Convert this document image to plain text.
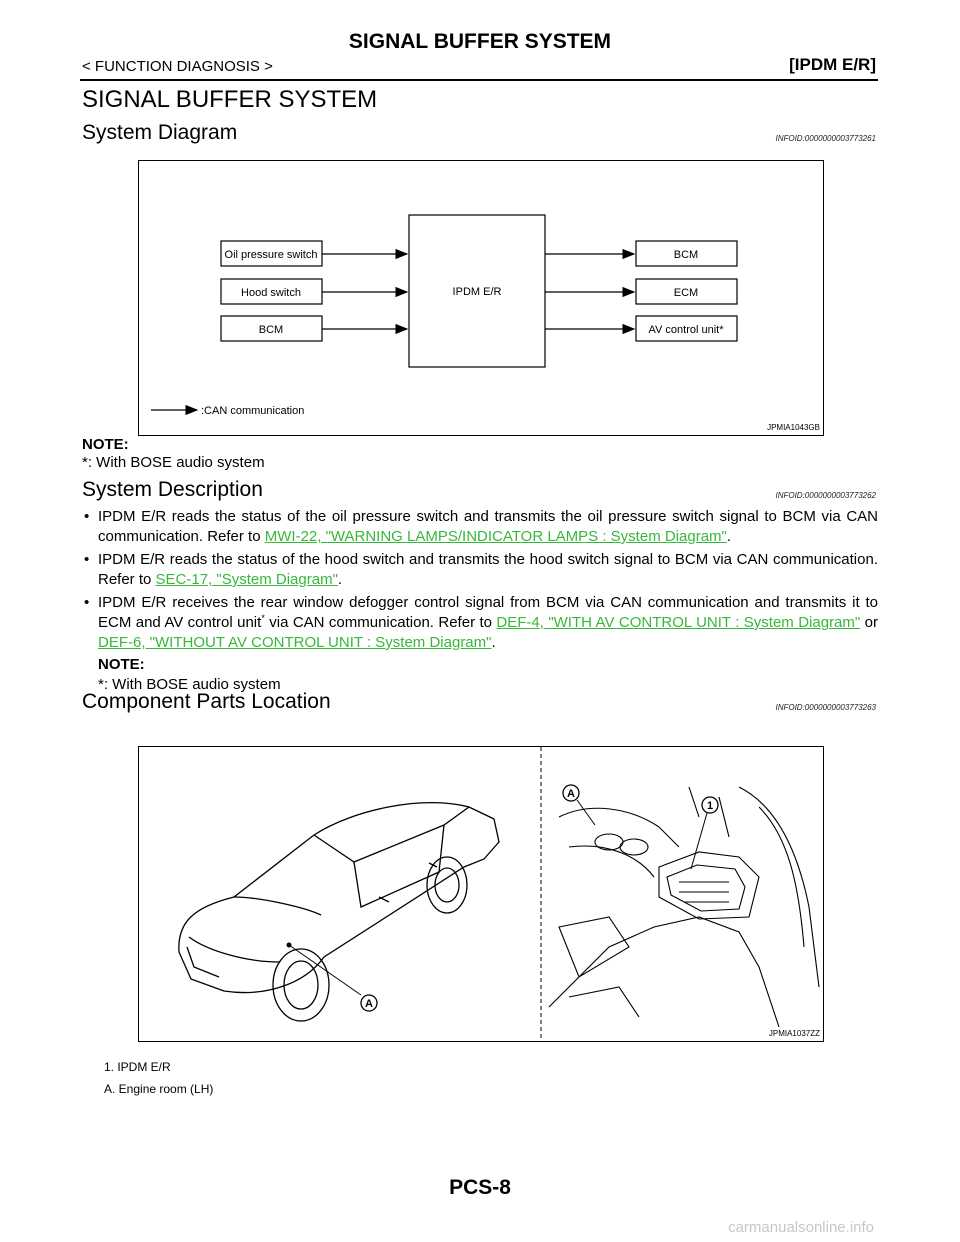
SIGNAL BUFFER SYSTEM
< FUNCTION DIAGNOSIS >	[IPDM E/R]
SIGNAL BUFFER SYSTEM
System Diagram	INFOID:0000000003773261
Oil pressure switch
Hood switch
BCM
IPDM E/R
BCM
ECM
AV control unit*
:CAN communication
JPMIA1043GB
NOTE:
*: With BOSE audio system
System Description	INFOID:0000000003773262
• IPDM E/R reads the status of the oil pressure switch and transmits the oil pressure switch signal to BCM via CAN communication. Refer to MWI-22, "WARNING LAMPS/INDICATOR LAMPS : System Diagram".
• IPDM E/R reads the status of the hood switch and transmits the hood switch signal to BCM via CAN communication. Refer to SEC-17, "System Diagram".
• IPDM E/R receives the rear window defogger control signal from BCM via CAN communication and transmits it to ECM and AV control unit* via CAN communication. Refer to DEF-4, "WITH AV CONTROL UNIT : System Diagram" or DEF-6, "WITHOUT AV CONTROL UNIT : System Diagram".
NOTE:
*: With BOSE audio system
Component Parts Location	INFOID:0000000003773263
A
A
1
JPMIA1037ZZ
1. IPDM E/R
A. Engine room (LH)
PCS-8
carmanualsonline.info
